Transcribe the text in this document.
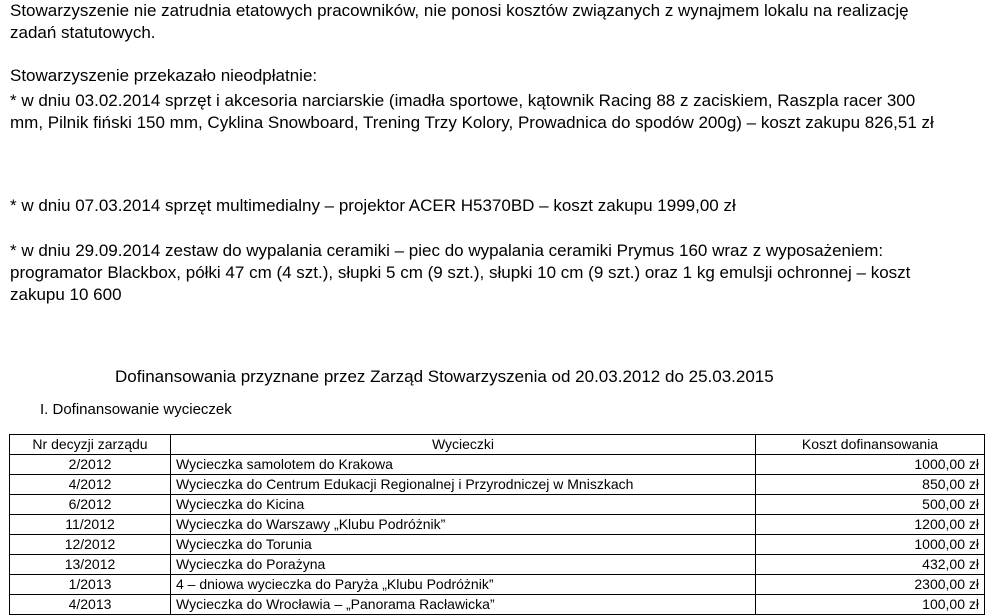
Stowarzyszenie nie zatrudnia etatowych pracowników, nie ponosi kosztów związanych z wynajmem lokalu na realizację zadań statutowych.

Stowarzyszenie przekazało nieodpłatnie:

* w dniu 03.02.2014 sprzęt i akcesoria narciarskie (imadła sportowe, kątownik Racing 88 z zaciskiem, Raszpla racer 300 mm, Pilnik fiński 150 mm, Cyklina Snowboard, Trening Trzy Kolory, Prowadnica do spodów 200g) – koszt zakupu 826,51 zł

* w dniu 07.03.2014 sprzęt multimedialny – projektor ACER H5370BD – koszt zakupu 1999,00 zł

* w dniu 29.09.2014 zestaw do wypalania ceramiki – piec do wypalania ceramiki Prymus 160 wraz z wyposażeniem: programator Blackbox, półki 47 cm (4 szt.), słupki 5 cm (9 szt.), słupki 10 cm (9 szt.) oraz 1 kg emulsji ochronnej – koszt zakupu 10 600

Dofinansowania przyznane przez Zarząd Stowarzyszenia od 20.03.2012 do 25.03.2015

I. Dofinansowanie wycieczek

Nr decyzji zarządu	Wycieczki	Koszt dofinansowania
2/2012	Wycieczka samolotem do Krakowa	1000,00 zł
4/2012	Wycieczka do Centrum Edukacji Regionalnej i Przyrodniczej w Mniszkach	850,00 zł
6/2012	Wycieczka do Kicina	500,00 zł
11/2012	Wycieczka do Warszawy „Klubu Podróżnik”	1200,00 zł
12/2012	Wycieczka do Torunia	1000,00 zł
13/2012	Wycieczka do Porażyna	432,00 zł
1/2013	4 – dniowa wycieczka do Paryża „Klubu Podróżnik”	2300,00 zł
4/2013	Wycieczka do Wrocławia – „Panorama Racławicka”	100,00 zł
